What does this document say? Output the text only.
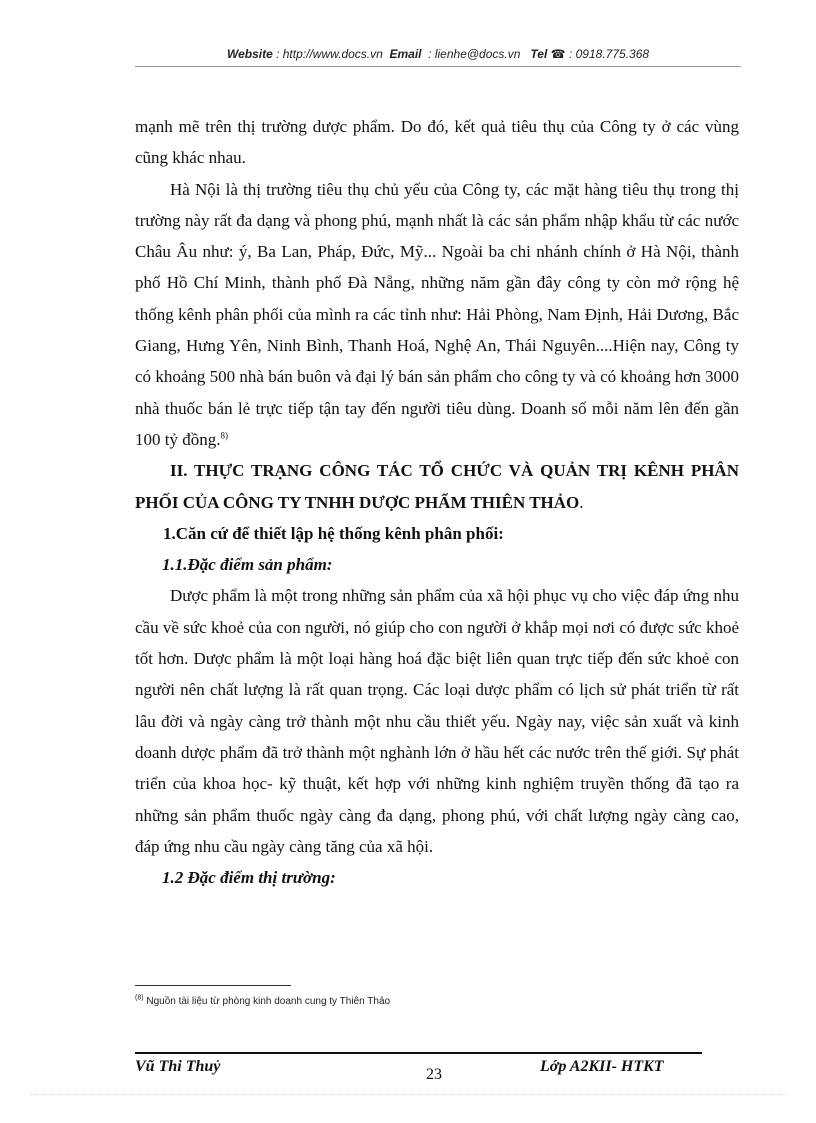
Website : http://www.docs.vn Email : lienhe@docs.vn Tel ☎ : 0918.775.368

mạnh mẽ trên thị trường dược phẩm. Do đó, kết quả tiêu thụ của Công ty ở các vùng cũng khác nhau.

Hà Nội là thị trường tiêu thụ chủ yếu của Công ty, các mặt hàng tiêu thụ trong thị trường này rất đa dạng và phong phú, mạnh nhất là các sản phẩm nhập khẩu từ các nước Châu Âu như: ý, Ba Lan, Pháp, Đức, Mỹ... Ngoài ba chi nhánh chính ở Hà Nội, thành phố Hồ Chí Minh, thành phố Đà Nẵng, những năm gần đây công ty còn mở rộng hệ thống kênh phân phối của mình ra các tỉnh như: Hải Phòng, Nam Định, Hải Dương, Bắc Giang, Hưng Yên, Ninh Bình, Thanh Hoá, Nghệ An, Thái Nguyên....Hiện nay, Công ty có khoảng 500 nhà bán buôn và đại lý bán sản phẩm cho công ty và có khoảng hơn 3000 nhà thuốc bán lẻ trực tiếp tận tay đến người tiêu dùng. Doanh số mỗi năm lên đến gần 100 tỷ đồng.$^{8)}$

II. THỰC TRẠNG CÔNG TÁC TỔ CHỨC VÀ QUẢN TRỊ KÊNH PHÂN PHỐI CỦA CÔNG TY TNHH DƯỢC PHẨM THIÊN THẢO.

1.Căn cứ để thiết lập hệ thống kênh phân phối:

1.1.Đặc điểm sản phẩm:

Dược phẩm là một trong những sản phẩm của xã hội phục vụ cho việc đáp ứng nhu cầu về sức khoẻ của con người, nó giúp cho con người ở khắp mọi nơi có được sức khoẻ tốt hơn. Dược phẩm là một loại hàng hoá đặc biệt liên quan trực tiếp đến sức khoẻ con người nên chất lượng là rất quan trọng. Các loại dược phẩm có lịch sử phát triển từ rất lâu đời và ngày càng trở thành một nhu cầu thiết yếu. Ngày nay, việc sản xuất và kinh doanh dược phẩm đã trở thành một nghành lớn ở hầu hết các nước trên thế giới. Sự phát triển của khoa học- kỹ thuật, kết hợp với những kinh nghiệm truyền thống đã tạo ra những sản phẩm thuốc ngày càng đa dạng, phong phú, với chất lượng ngày càng cao, đáp ứng nhu cầu ngày càng tăng của xã hội.

1.2 Đặc điểm thị trường:

$^{(8)}$ Nguồn tài liệu từ phòng kinh doanh cung ty Thiên Thảo
Vũ Thi Thuỷ	23	Lớp A2KII- HTKT
